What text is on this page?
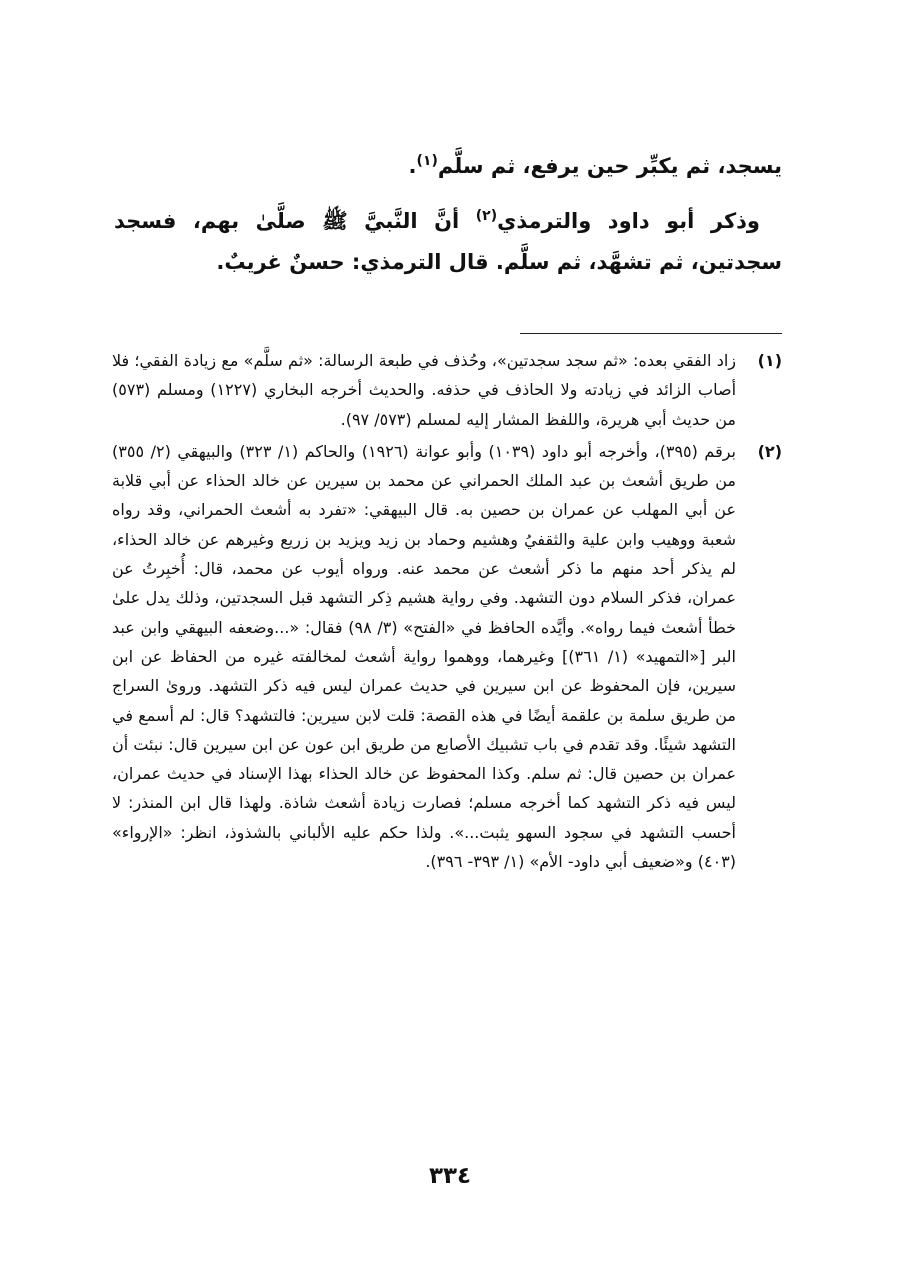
يسجد، ثم يكبِّر حين يرفع، ثم سلَّم$^{(١)}$.

وذكر أبو داود والترمذي$^{(٢)}$ أنَّ النَّبيَّ ﷺ صلَّىٰ بهم، فسجد سجدتين، ثم تشهَّد، ثم سلَّم. قال الترمذي: حسنٌ غريبٌ.

(١)
زاد الفقي بعده: «ثم سجد سجدتين»، وحُذف في طبعة الرسالة: «ثم سلَّم» مع زيادة الفقي؛ فلا أصاب الزائد في زيادته ولا الحاذف في حذفه. والحديث أخرجه البخاري (١٢٢٧) ومسلم (٥٧٣) من حديث أبي هريرة، واللفظ المشار إليه لمسلم (٥٧٣/ ٩٧).
(٢)
برقم (٣٩٥)، وأخرجه أبو داود (١٠٣٩) وأبو عوانة (١٩٢٦) والحاكم (١/ ٣٢٣) والبيهقي (٢/ ٣٥٥) من طريق أشعث بن عبد الملك الحمراني عن محمد بن سيرين عن خالد الحذاء عن أبي قلابة عن أبي المهلب عن عمران بن حصين به. قال البيهقي: «تفرد به أشعث الحمراني، وقد رواه شعبة ووهيب وابن علية والثقفيُ وهشيم وحماد بن زيد ويزيد بن زريع وغيرهم عن خالد الحذاء، لم يذكر أحد منهم ما ذكر أشعث عن محمد عنه. ورواه أيوب عن محمد، قال: أُخبِرتُ عن عمران، فذكر السلام دون التشهد. وفي رواية هشيم ذِكر التشهد قبل السجدتين، وذلك يدل علىٰ خطأ أشعث فيما رواه». وأيَّده الحافظ في «الفتح» (٣/ ٩٨) فقال: «...وضعفه البيهقي وابن عبد البر [«التمهيد» (١/ ٣٦١)] وغيرهما، ووهموا رواية أشعث لمخالفته غيره من الحفاظ عن ابن سيرين، فإن المحفوظ عن ابن سيرين في حديث عمران ليس فيه ذكر التشهد. وروىٰ السراج من طريق سلمة بن علقمة أيضًا في هذه القصة: قلت لابن سيرين: فالتشهد؟ قال: لم أسمع في التشهد شيئًا. وقد تقدم في باب تشبيك الأصابع من طريق ابن عون عن ابن سيرين قال: نبئت أن عمران بن حصين قال: ثم سلم. وكذا المحفوظ عن خالد الحذاء بهذا الإسناد في حديث عمران، ليس فيه ذكر التشهد كما أخرجه مسلم؛ فصارت زيادة أشعث شاذة. ولهذا قال ابن المنذر: لا أحسب التشهد في سجود السهو يثبت...». ولذا حكم عليه الألباني بالشذوذ، انظر: «الإرواء» (٤٠٣) و«ضعيف أبي داود- الأم» (١/ ٣٩٣- ٣٩٦).
٣٣٤
